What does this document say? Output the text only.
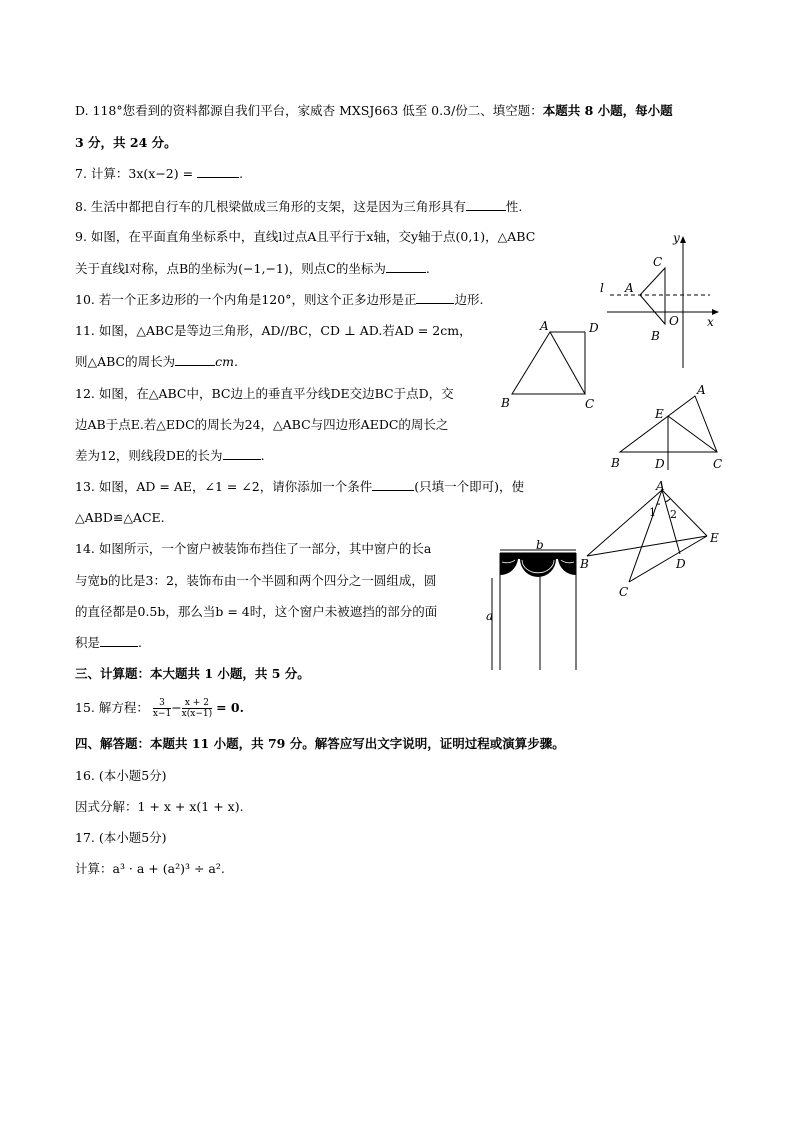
D. 118°您看到的资料都源自我们平台，家威杏 MXSJ663 低至 0.3/份二、填空题：本题共 8 小题，每小题
3 分，共 24 分。
7. 计算：3x(x−2) =	.
8. 生活中都把自行车的几根梁做成三角形的支架，这是因为三角形具有	性.
9. 如图，在平面直角坐标系中，直线l过点A且平行于x轴，交y轴于点(0,1)，△ABC
关于直线l对称，点B的坐标为(−1,−1)，则点C的坐标为	.
10. 若一个正多边形的一个内角是120°，则这个正多边形是正	边形.
11. 如图，△ABC是等边三角形，AD//BC，CD ⊥ AD.若AD = 2cm，
则△ABC的周长为	cm.
12. 如图，在△ABC中，BC边上的垂直平分线DE交边BC于点D，交
边AB于点E.若△EDC的周长为24，△ABC与四边形AEDC的周长之
差为12，则线段DE的长为	.
13. 如图，AD = AE，∠1 = ∠2，请你添加一个条件	(只填一个即可)，使
△ABD≌△ACE.
14. 如图所示，一个窗户被装饰布挡住了一部分，其中窗户的长a
与宽b的比是3：2，装饰布由一个半圆和两个四分之一圆组成，圆
的直径都是0.5b，那么当b = 4时，这个窗户未被遮挡的部分的面
积是	.
三、计算题：本大题共 1 小题，共 5 分。
15. 解方程： $\frac{3}{x-1} - \frac{x + 2}{x(x-1)} = 0$.
四、解答题：本题共 11 小题，共 79 分。解答应写出文字说明，证明过程或演算步骤。
16. (本小题5分)
因式分解：1 + x + x(1 + x).
17. (本小题5分)
计算：a³ · a + (a²)³ ÷ a².
y
x
C
l A
O
B
A	D
B	C
A
E
B	D	C
A
1 2
E
B	D
C
b
a
